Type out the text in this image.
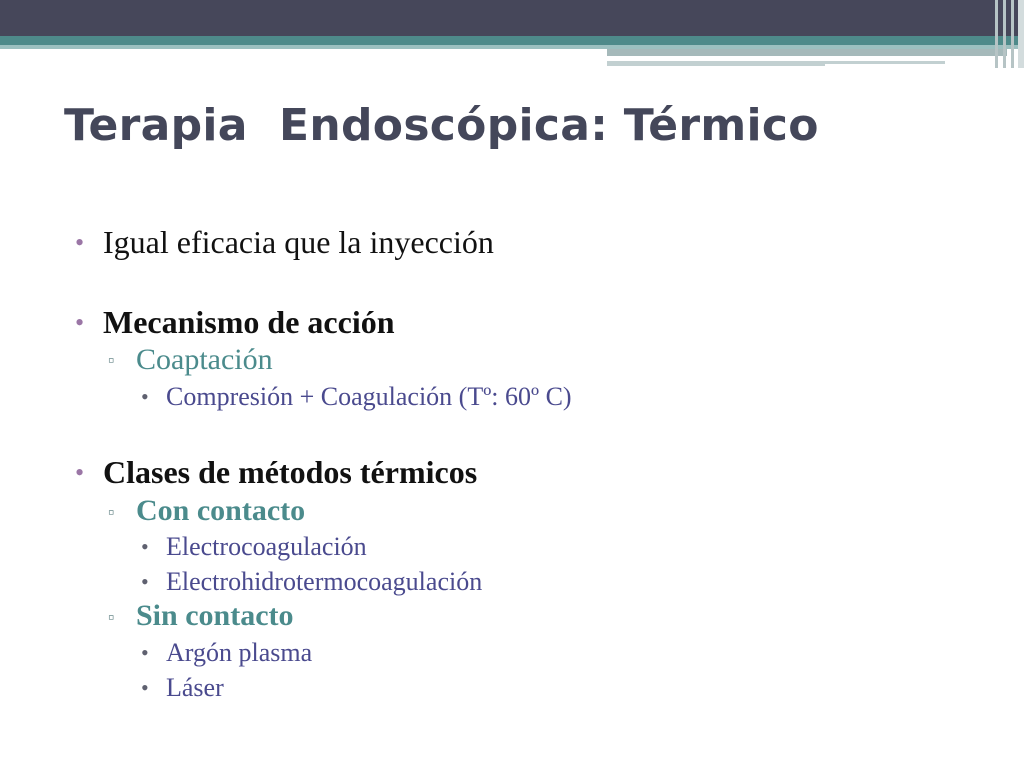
Terapia  Endoscópica: Térmico
• Igual eficacia que la inyección
• Mecanismo de acción
▫ Coaptación
• Compresión + Coagulación (Tº: 60º C)
• Clases de métodos térmicos
▫ Con contacto
• Electrocoagulación
• Electrohidrotermocoagulación
▫ Sin contacto
• Argón plasma
• Láser
